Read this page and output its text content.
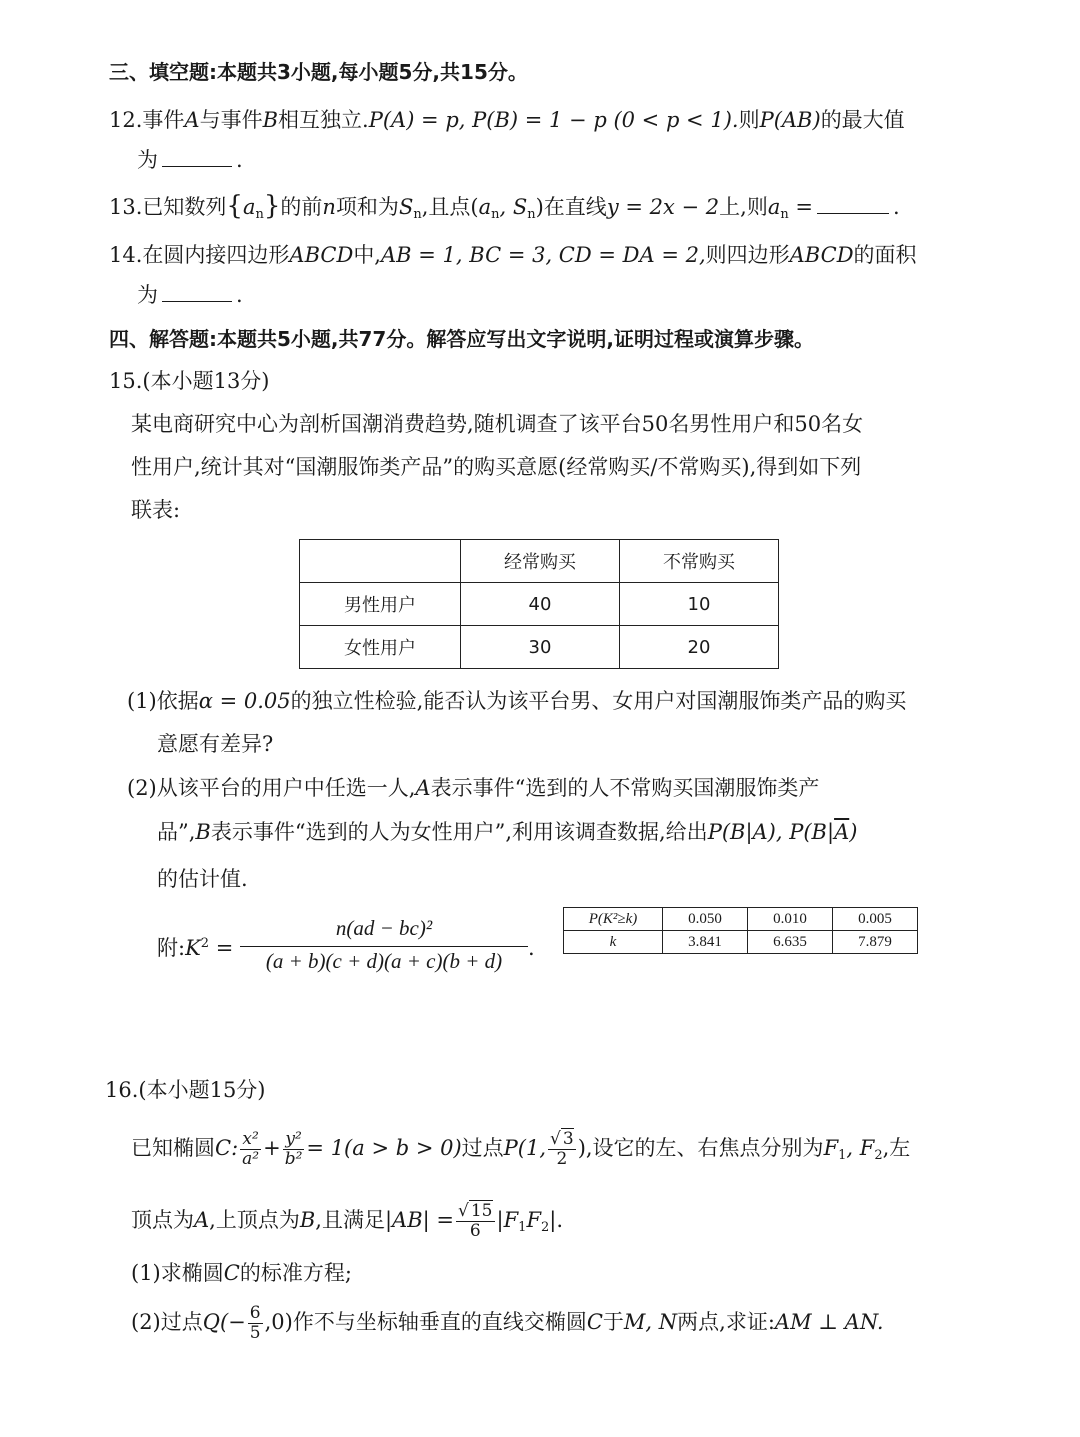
三、填空题:本题共3小题,每小题5分,共15分。
12.事件A与事件B相互独立.P(A) = p, P(B) = 1 − p (0 < p < 1).则P(AB)的最大值
为	.
13.已知数列$\{a_n\}$的前n项和为$S_n$,且点($a_n$, $S_n$)在直线y = 2x − 2上,则$a_n$ =	.
14.在圆内接四边形ABCD中,AB = 1, BC = 3, CD = DA = 2,则四边形ABCD的面积
为	.
四、解答题:本题共5小题,共77分。解答应写出文字说明,证明过程或演算步骤。
15.(本小题13分)
某电商研究中心为剖析国潮消费趋势,随机调查了该平台50名男性用户和50名女
性用户,统计其对“国潮服饰类产品”的购买意愿(经常购买/不常购买),得到如下列
联表:
	经常购买	不常购买
男性用户	40	10
女性用户	30	20
(1)依据α = 0.05的独立性检验,能否认为该平台男、女用户对国潮服饰类产品的购买
意愿有差异?
(2)从该平台的用户中任选一人,A表示事件“选到的人不常购买国潮服饰类产
品”,B表示事件“选到的人为女性用户”,利用该调查数据,给出P(B|A), $P(B|\overline{A})$
的估计值.
附$:K^2$ =
n(ad − bc)²
(a + b)(c + d)(a + c)(b + d)
.
P(K²≥k)	0.050	0.010	0.005
k	3.841	6.635	7.879
16.(本小题15分)
已知椭圆C: $\frac{\text{x²}}{\text{a²}} + \frac{\text{y²}}{\text{b²}} = 1(a > b > 0)$过点P(1, $\frac{√ 3}{2}$ ),设它的左、右焦点分别为$F_1$, $F_2$,左
顶点为A,上顶点为B,且满足$|AB| = \frac{√ 15}{6} |F_1F_2|$.
(1)求椭圆C的标准方程;
(2)过点$Q(- \frac{6}{5} ,0)$作不与坐标轴垂直的直线交椭圆C于M, N两点,求证:AM ⊥ AN.
